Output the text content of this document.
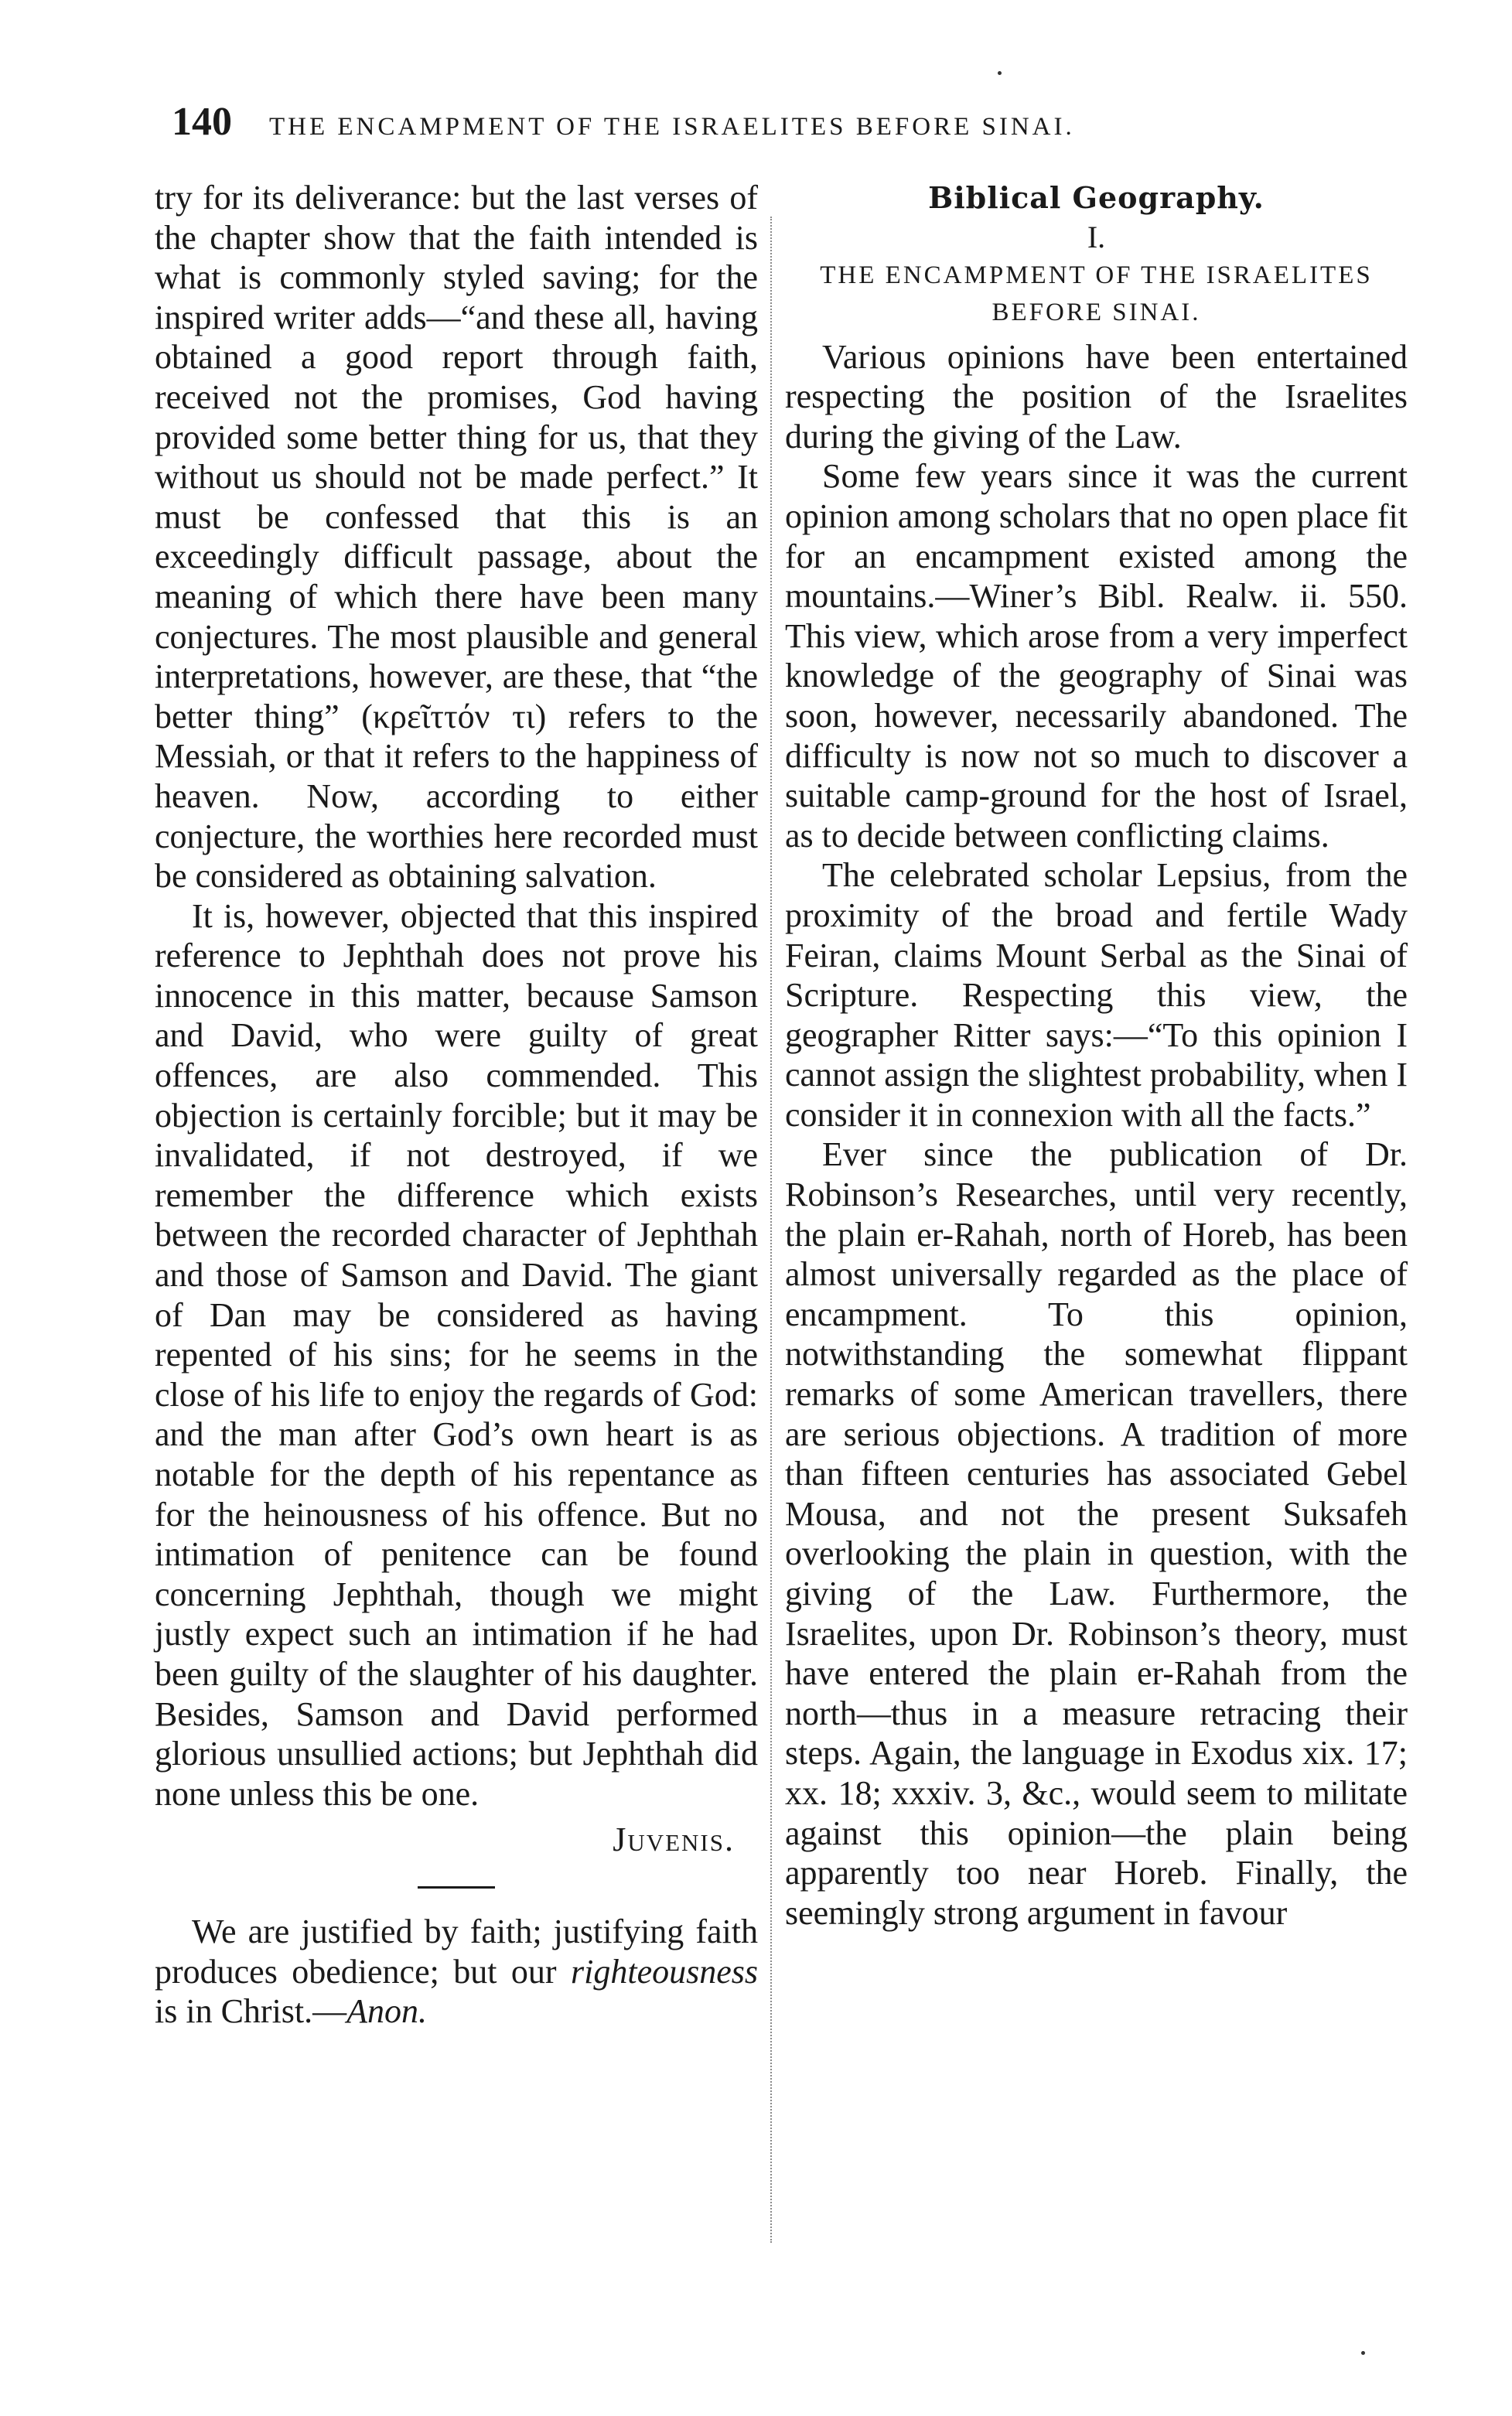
140 THE ENCAMPMENT OF THE ISRAELITES BEFORE SINAI.

try for its deliverance: but the last verses of the chapter show that the faith intended is what is commonly styled saving; for the inspired writer adds—“and these all, having obtained a good report through faith, received not the promises, God having provided some better thing for us, that they without us should not be made perfect.” It must be confessed that this is an exceedingly difficult passage, about the meaning of which there have been many conjectures. The most plausible and general interpretations, however, are these, that “the better thing” (κρεῖττόν τι) refers to the Messiah, or that it refers to the happiness of heaven. Now, according to either conjecture, the worthies here recorded must be considered as obtaining salvation.

It is, however, objected that this inspired reference to Jephthah does not prove his innocence in this matter, because Samson and David, who were guilty of great offences, are also commended. This objection is certainly forcible; but it may be invalidated, if not destroyed, if we remember the difference which exists between the recorded character of Jephthah and those of Samson and David. The giant of Dan may be considered as having repented of his sins; for he seems in the close of his life to enjoy the regards of God: and the man after God’s own heart is as notable for the depth of his repentance as for the heinousness of his offence. But no intimation of penitence can be found concerning Jephthah, though we might justly expect such an intimation if he had been guilty of the slaughter of his daughter. Besides, Samson and David performed glorious unsullied actions; but Jephthah did none unless this be one.

Juvenis.

We are justified by faith; justifying faith produces obedience; but our righteousness is in Christ.—Anon.

Biblical Geography.

I.

THE ENCAMPMENT OF THE ISRAELITES BEFORE SINAI.

Various opinions have been entertained respecting the position of the Israelites during the giving of the Law.

Some few years since it was the current opinion among scholars that no open place fit for an encampment existed among the mountains.—Winer’s Bibl. Realw. ii. 550. This view, which arose from a very imperfect knowledge of the geography of Sinai was soon, however, necessarily abandoned. The difficulty is now not so much to discover a suitable camp-ground for the host of Israel, as to decide between conflicting claims.

The celebrated scholar Lepsius, from the proximity of the broad and fertile Wady Feiran, claims Mount Serbal as the Sinai of Scripture. Respecting this view, the geographer Ritter says:—“To this opinion I cannot assign the slightest probability, when I consider it in connexion with all the facts.”

Ever since the publication of Dr. Robinson’s Researches, until very recently, the plain er-Rahah, north of Horeb, has been almost universally regarded as the place of encampment. To this opinion, notwithstanding the somewhat flippant remarks of some American travellers, there are serious objections. A tradition of more than fifteen centuries has associated Gebel Mousa, and not the present Suksafeh overlooking the plain in question, with the giving of the Law. Furthermore, the Israelites, upon Dr. Robinson’s theory, must have entered the plain er-Rahah from the north—thus in a measure retracing their steps. Again, the language in Exodus xix. 17; xx. 18; xxxiv. 3, &c., would seem to militate against this opinion—the plain being apparently too near Horeb. Finally, the seemingly strong argument in favour
